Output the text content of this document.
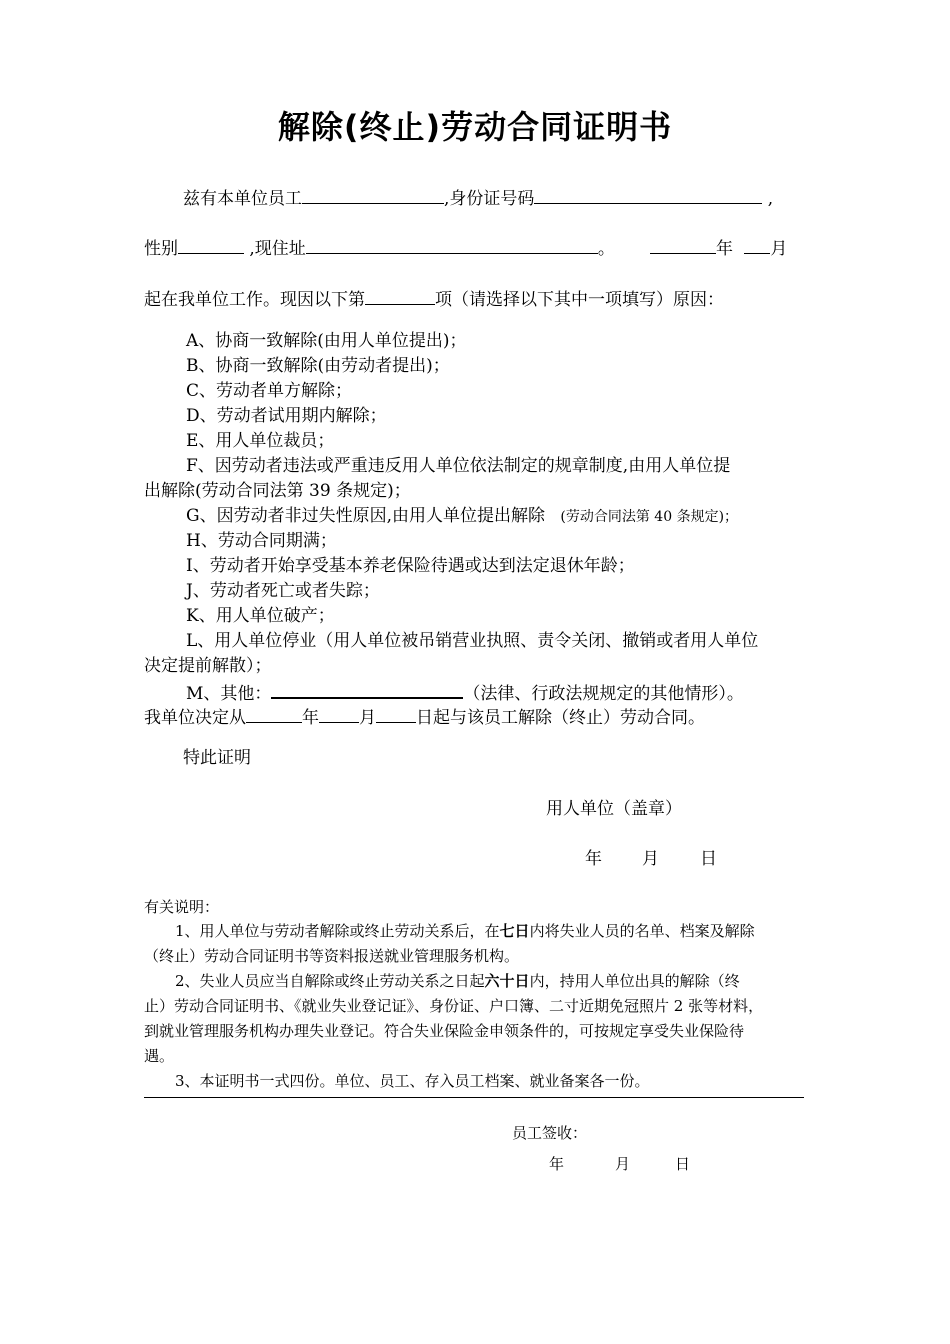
解除(终止)劳动合同证明书
兹有本单位员工	,身份证号码	,
性别	,现住址	。	年 月
起在我单位工作。现因以下第	项（请选择以下其中一项填写）原因：
A、协商一致解除(由用人单位提出)；
B、协商一致解除(由劳动者提出)；
C、劳动者单方解除；
D、劳动者试用期内解除；
E、用人单位裁员；
F、因劳动者违法或严重违反用人单位依法制定的规章制度,由用人单位提
出解除(劳动合同法第 39 条规定)；
G、因劳动者非过失性原因,由用人单位提出解除 (劳动合同法第 40 条规定)；
H、劳动合同期满；
I、劳动者开始享受基本养老保险待遇或达到法定退休年龄；
J、劳动者死亡或者失踪；
K、用人单位破产；
L、用人单位停业（用人单位被吊销营业执照、责令关闭、撤销或者用人单位
决定提前解散）；
M、其他：	（法律、行政法规规定的其他情形）。
我单位决定从	年 月 日起与该员工解除（终止）劳动合同。
特此证明
用人单位（盖章）
年 月 日
有关说明：
1、用人单位与劳动者解除或终止劳动关系后，在七日内将失业人员的名单、档案及解除
（终止）劳动合同证明书等资料报送就业管理服务机构。
2、失业人员应当自解除或终止劳动关系之日起六十日内，持用人单位出具的解除（终
止）劳动合同证明书、《就业失业登记证》、身份证、户口簿、二寸近期免冠照片 2 张等材料，
到就业管理服务机构办理失业登记。符合失业保险金申领条件的，可按规定享受失业保险待
遇。
3、本证明书一式四份。单位、员工、存入员工档案、就业备案各一份。
员工签收：
年	月	日
